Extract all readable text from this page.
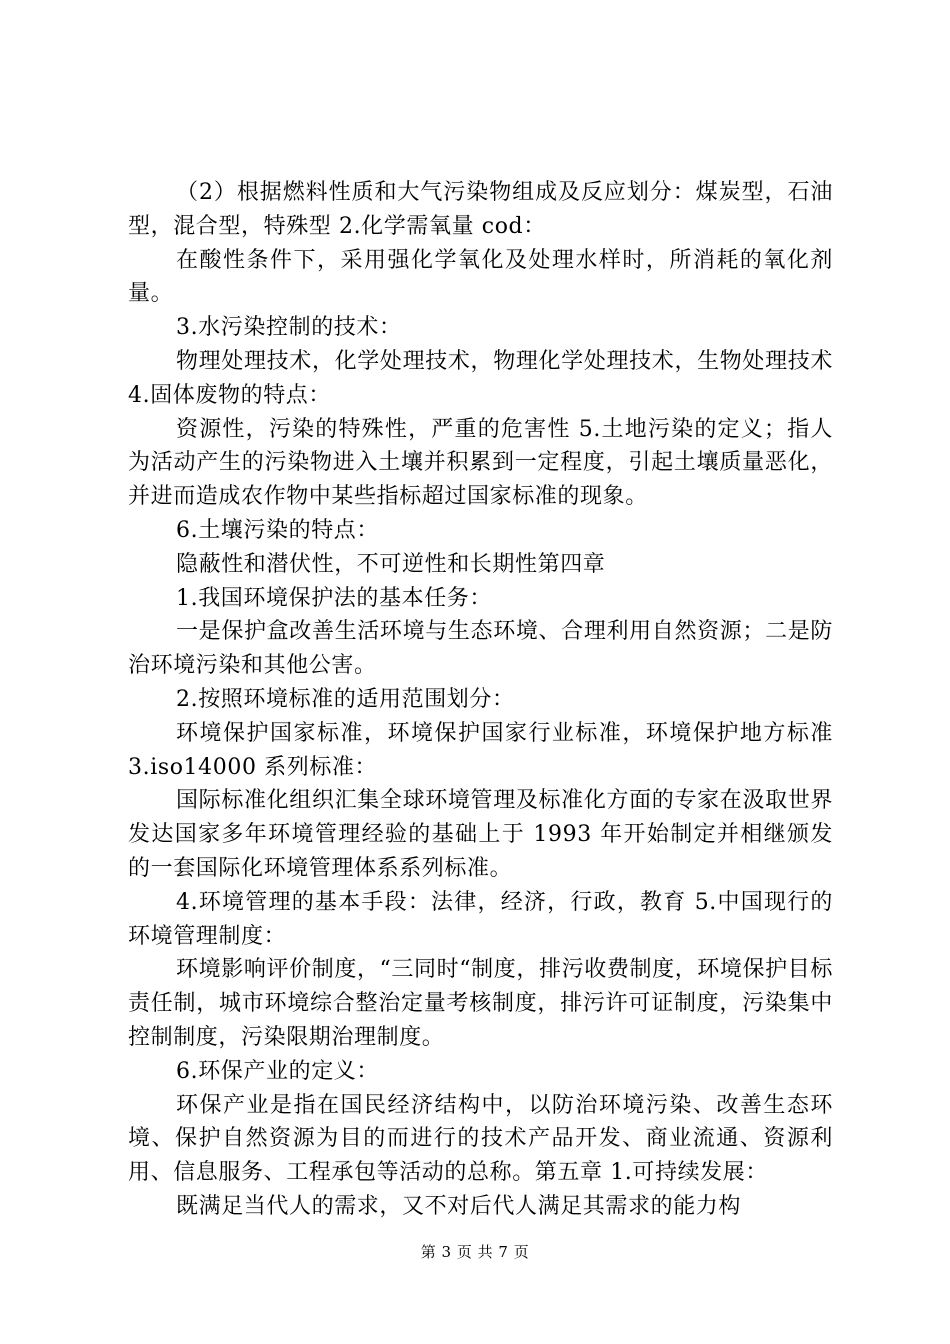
（2）根据燃料性质和大气污染物组成及反应划分：煤炭型，石油型，混合型，特殊型 2.化学需氧量 cod：

在酸性条件下，采用强化学氧化及处理水样时，所消耗的氧化剂量。

3.水污染控制的技术：

物理处理技术，化学处理技术，物理化学处理技术，生物处理技术 4.固体废物的特点：

资源性，污染的特殊性，严重的危害性 5.土地污染的定义；指人为活动产生的污染物进入土壤并积累到一定程度，引起土壤质量恶化，并进而造成农作物中某些指标超过国家标准的现象。

6.土壤污染的特点：

隐蔽性和潜伏性，不可逆性和长期性第四章

1.我国环境保护法的基本任务：

一是保护盒改善生活环境与生态环境、合理利用自然资源；二是防治环境污染和其他公害。

2.按照环境标准的适用范围划分：

环境保护国家标准，环境保护国家行业标准，环境保护地方标准 3.iso14000 系列标准：

国际标准化组织汇集全球环境管理及标准化方面的专家在汲取世界发达国家多年环境管理经验的基础上于 1993 年开始制定并相继颁发的一套国际化环境管理体系系列标准。

4.环境管理的基本手段：法律，经济，行政，教育 5.中国现行的环境管理制度：

环境影响评价制度，“三同时“制度，排污收费制度，环境保护目标责任制，城市环境综合整治定量考核制度，排污许可证制度，污染集中控制制度，污染限期治理制度。

6.环保产业的定义：

环保产业是指在国民经济结构中，以防治环境污染、改善生态环境、保护自然资源为目的而进行的技术产品开发、商业流通、资源利用、信息服务、工程承包等活动的总称。第五章 1.可持续发展：

既满足当代人的需求，又不对后代人满足其需求的能力构

第 3 页 共 7 页
